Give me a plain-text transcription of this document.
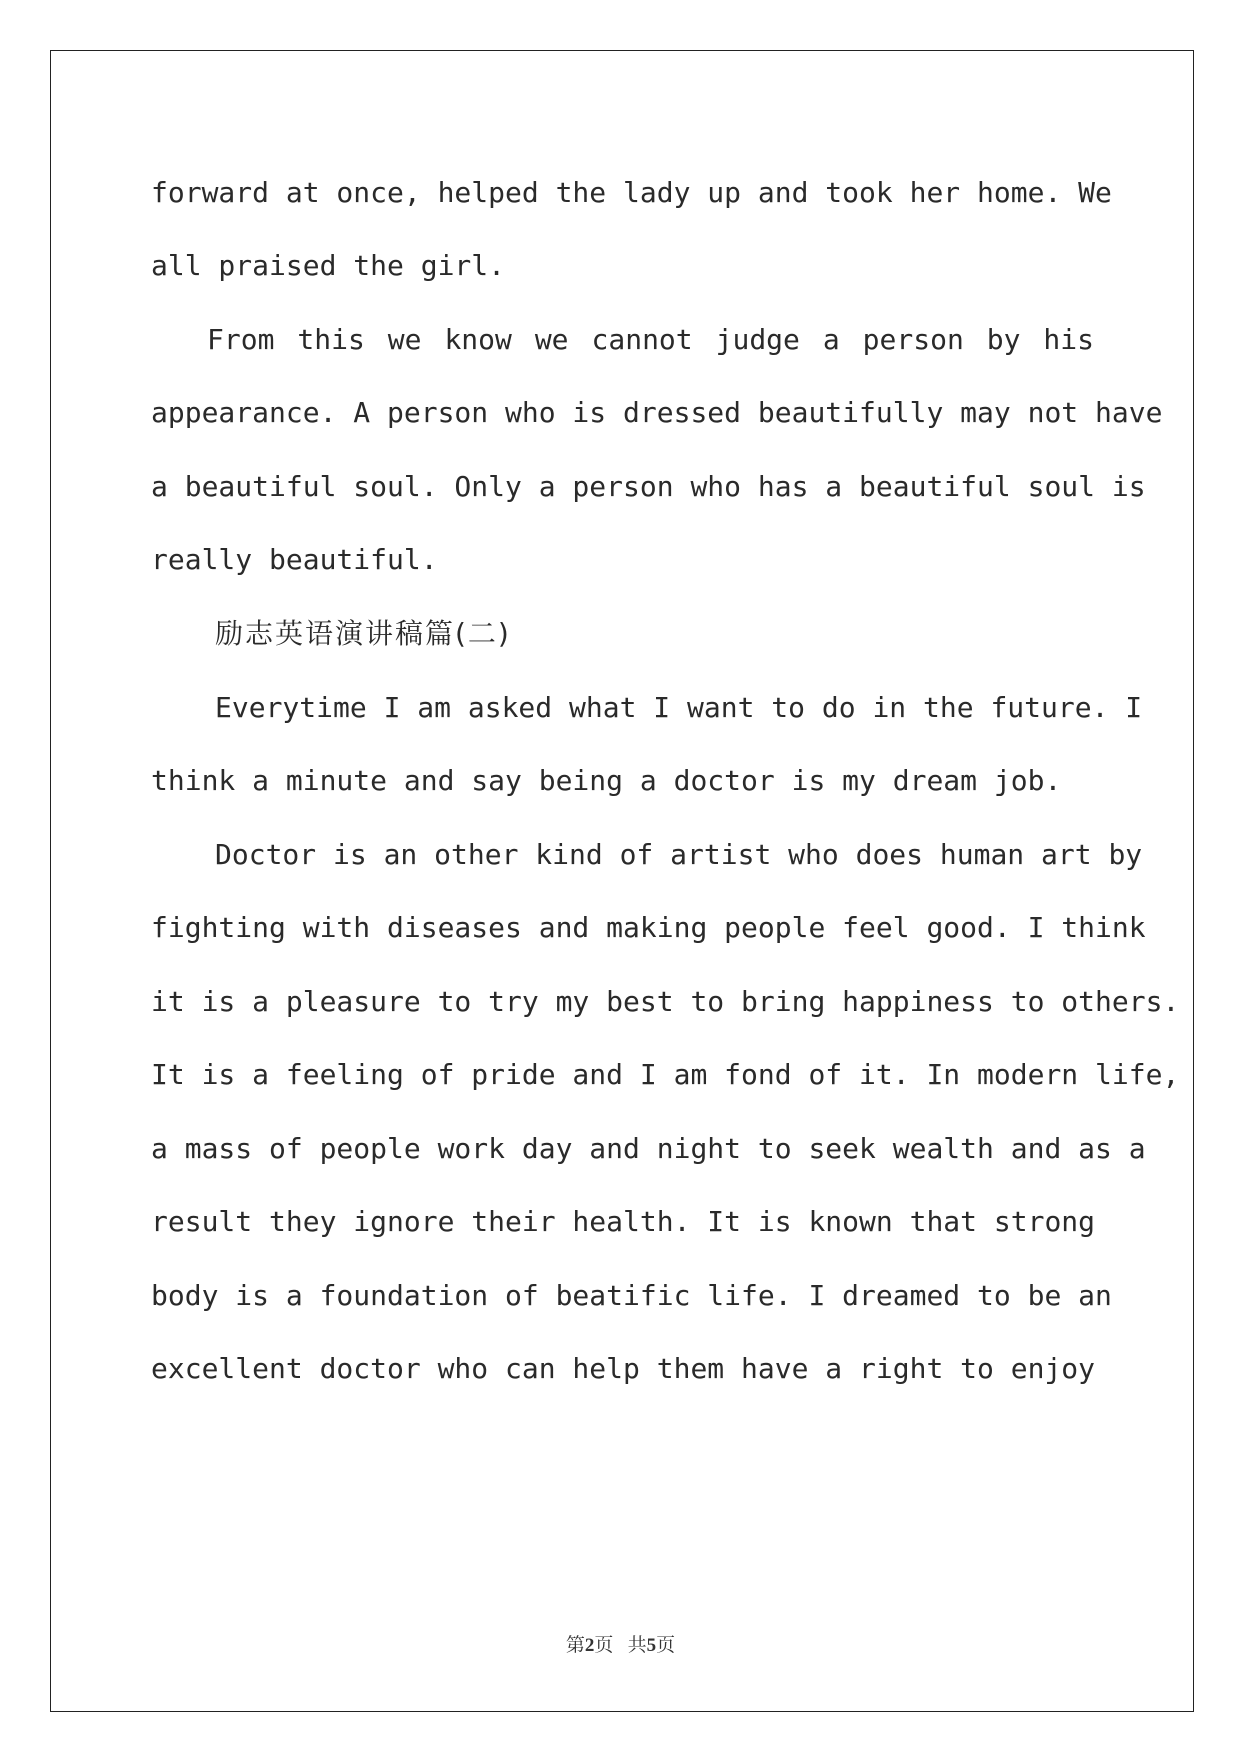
forward at once, helped the lady up and took her home. We
all praised the girl.
From this we know we cannot judge a person by his
appearance. A person who is dressed beautifully may not have
a beautiful soul. Only a person who has a beautiful soul is
really beautiful.
励志英语演讲稿篇(二)
Everytime I am asked what I want to do in the future. I
think a minute and say being a doctor is my dream job.
Doctor is an other kind of artist who does human art by
fighting with diseases and making people feel good. I think
it is a pleasure to try my best to bring happiness to others.
It is a feeling of pride and I am fond of it. In modern life,
a mass of people work day and night to seek wealth and as a
result they ignore their health. It is known that strong
body is a foundation of beatific life. I dreamed to be an
excellent doctor who can help them have a right to enjoy
第2页   共5页
